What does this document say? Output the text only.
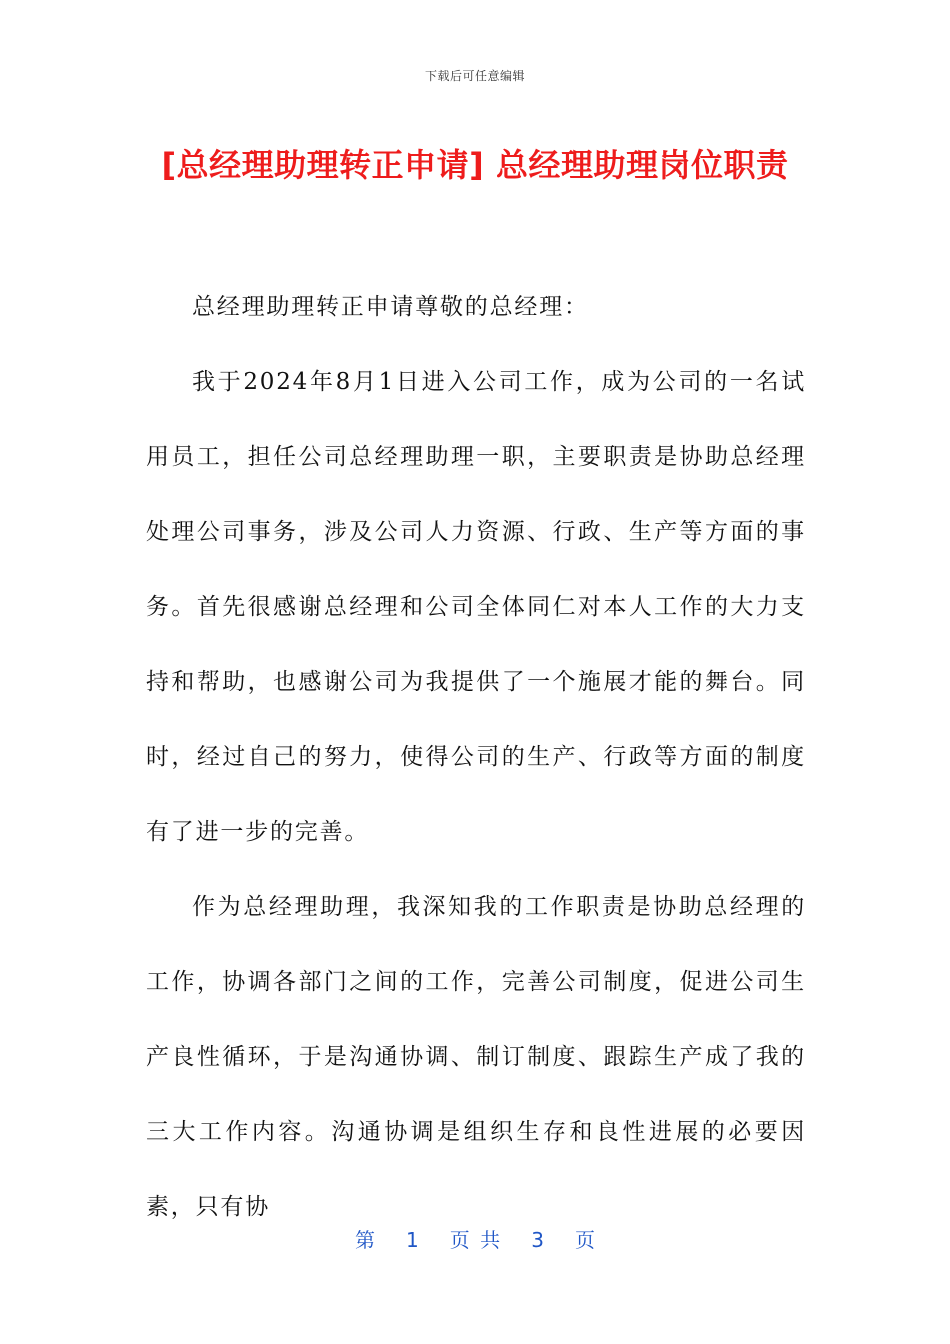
下载后可任意编辑
[总经理助理转正申请] 总经理助理岗位职责

总经理助理转正申请尊敬的总经理：

我于2024年8月1日进入公司工作，成为公司的一名试用员工，担任公司总经理助理一职，主要职责是协助总经理处理公司事务，涉及公司人力资源、行政、生产等方面的事务。首先很感谢总经理和公司全体同仁对本人工作的大力支持和帮助，也感谢公司为我提供了一个施展才能的舞台。同时，经过自己的努力，使得公司的生产、行政等方面的制度有了进一步的完善。

作为总经理助理，我深知我的工作职责是协助总经理的工作，协调各部门之间的工作，完善公司制度，促进公司生产良性循环，于是沟通协调、制订制度、跟踪生产成了我的三大工作内容。沟通协调是组织生存和良性进展的必要因素，只有协

第   1   页 共   3   页
